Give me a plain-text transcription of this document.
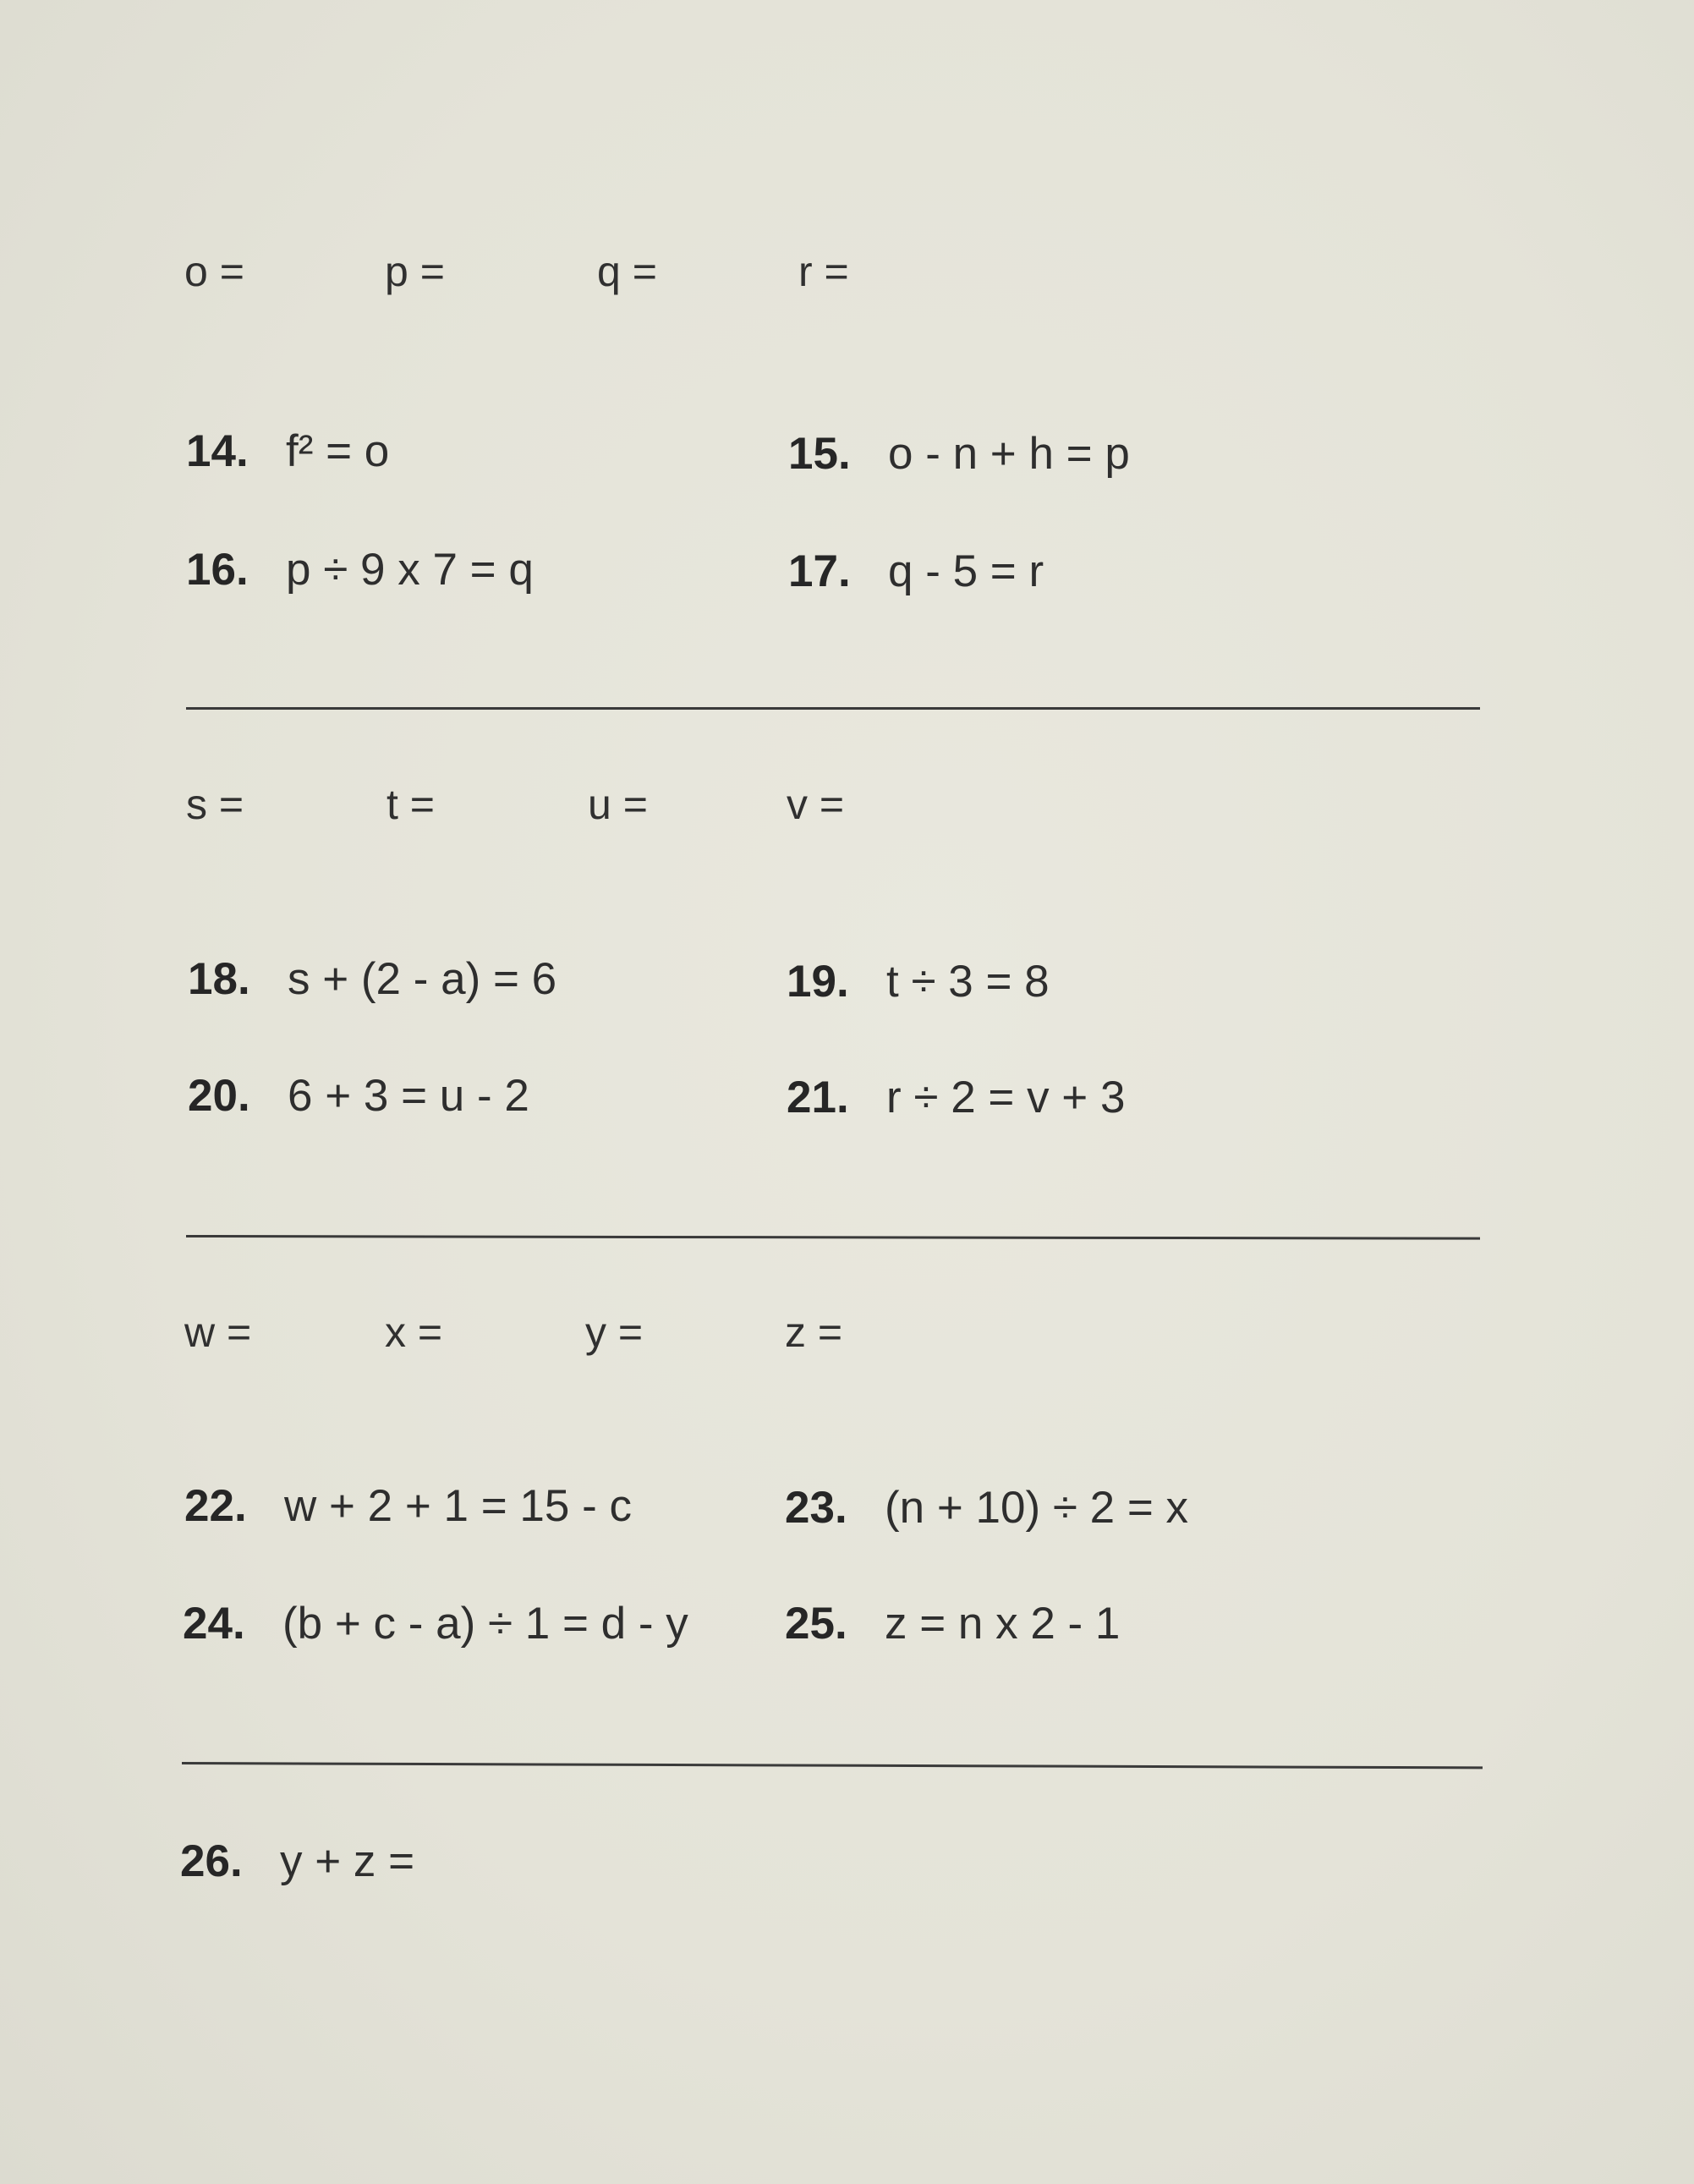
o =	p =	q =	r =
14. f² = o	15. o - n + h = p
16. p ÷ 9 x 7 = q	17. q - 5 = r
s =	t =	u =	v =
18. s + (2 - a) = 6	19. t ÷ 3 = 8
20. 6 + 3 = u - 2	21. r ÷ 2 = v + 3
w =	x =	y =	z =
22. w + 2 + 1 = 15 - c	23. (n + 10) ÷ 2 = x
24. (b + c - a) ÷ 1 = d - y 25. z = n x 2 - 1
26. y + z =
